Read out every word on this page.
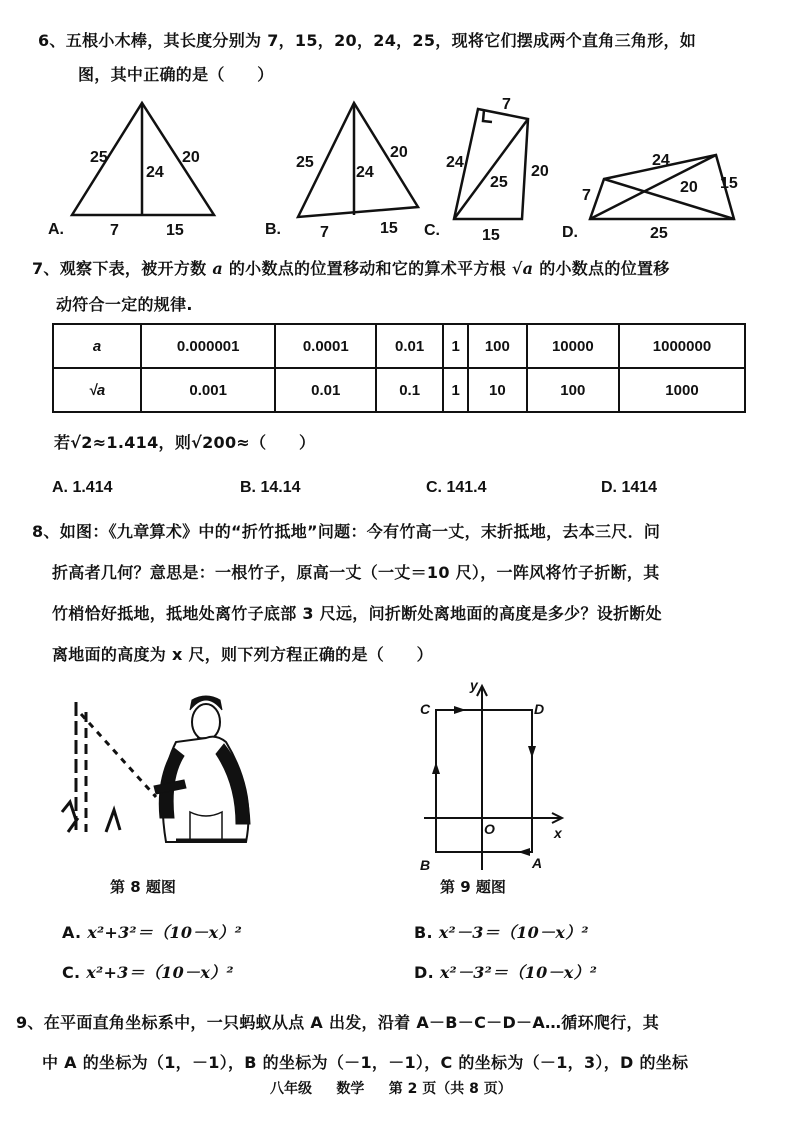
6、五根小木棒，其长度分别为 7，15，20，24，25，现将它们摆成两个直角三角形，如
图，其中正确的是（　　）
A.
25
24
20
7	15	B.
25
24
20
7	15 C.
7
24
25
20
15	D.
24
7	20 15
25
7、观察下表，被开方数 a 的小数点的位置移动和它的算术平方根 √a 的小数点的位置移
动符合一定的规律.
a	0.000001	0.0001	0.01	1	100	10000	1000000
√a	0.001	0.01	0.1	1	10	100	1000
若√2≈1.414，则√200≈（　　）
A. 1.414	B. 14.14	C. 141.4	D. 1414
8、如图：《九章算术》中的“折竹抵地”问题：今有竹高一丈，末折抵地，去本三尺．问
折高者几何？意思是：一根竹子，原高一丈（一丈＝10 尺），一阵风将竹子折断，其
竹梢恰好抵地，抵地处离竹子底部 3 尺远，问折断处离地面的高度是多少？设折断处
离地面的高度为 x 尺，则下列方程正确的是（　　）
第 8 题图
C	D
B	A
O	x
y
第 9 题图
A. x²+3²＝（10－x）²	B. x²－3＝（10－x）²
C. x²+3＝（10－x）²	D. x²－3²＝（10－x）²
9、在平面直角坐标系中，一只蚂蚁从点 A 出发，沿着 A－B－C－D－A…循环爬行，其
中 A 的坐标为（1，－1），B 的坐标为（－1，－1），C 的坐标为（－1，3），D 的坐标
八年级 数学 第 2 页（共 8 页）
